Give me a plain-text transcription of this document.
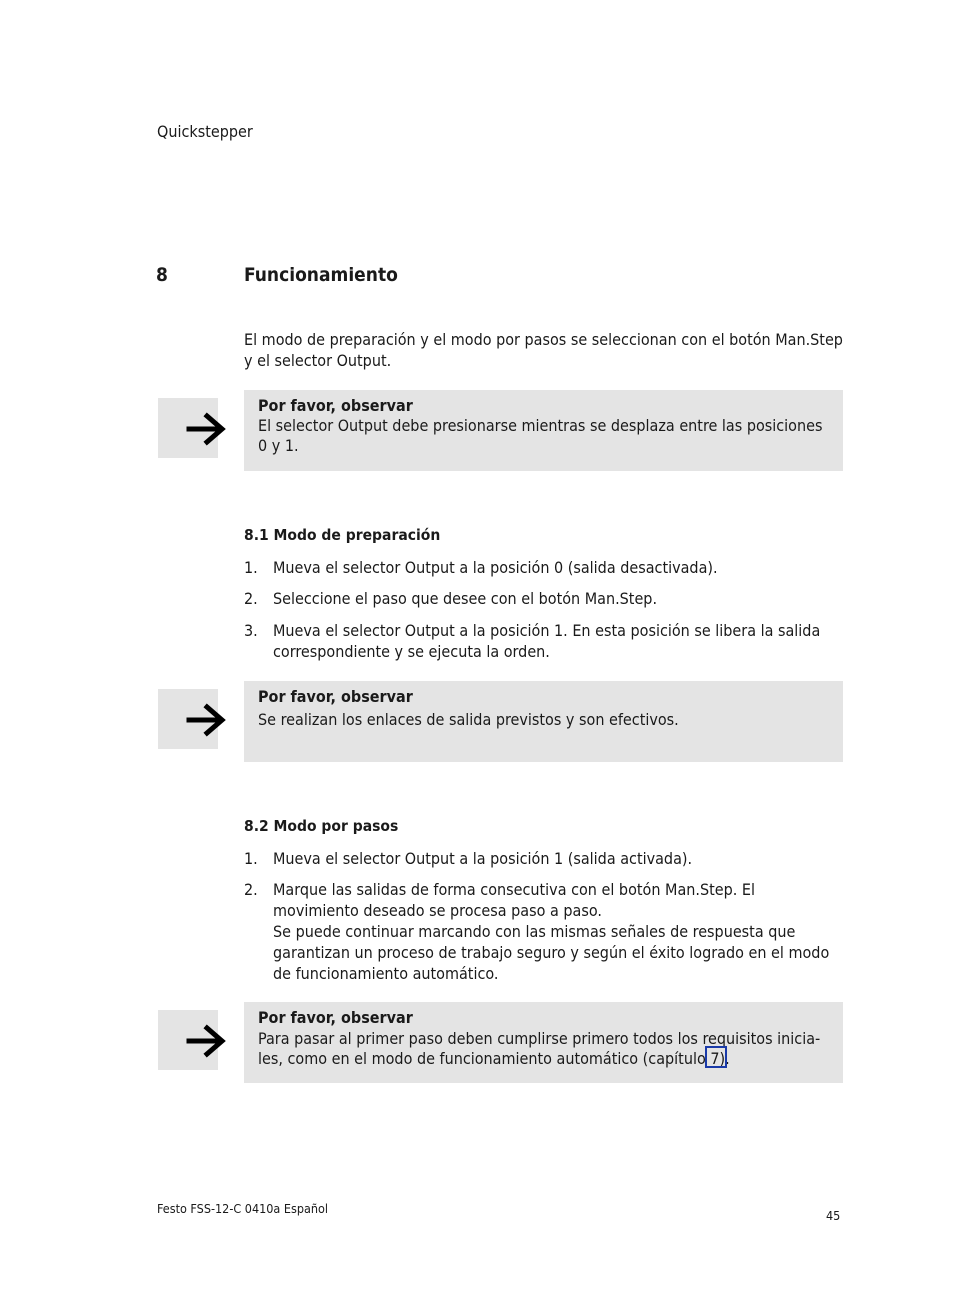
Quickstepper
8	Funcionamiento
El modo de preparación y el modo por pasos se seleccionan con el botón Man.Step y el selector Output.
Por favor, observar
El selector Output debe presionarse mientras se desplaza entre las posiciones 0 y 1.
8.1 Modo de preparación
1. Mueva el selector Output a la posición 0 (salida desactivada).
2. Seleccione el paso que desee con el botón Man.Step.
3. Mueva el selector Output a la posición 1. En esta posición se libera la salida correspondiente y se ejecuta la orden.
Por favor, observar
Se realizan los enlaces de salida previstos y son efectivos.
8.2 Modo por pasos
1. Mueva el selector Output a la posición 1 (salida activada).
2. Marque las salidas de forma consecutiva con el botón Man.Step. El movimiento deseado se procesa paso a paso.
Se puede continuar marcando con las mismas señales de respuesta que garantizan un proceso de trabajo seguro y según el éxito logrado en el modo de funcionamiento automático.
Por favor, observar
Para pasar al primer paso deben cumplirse primero todos los requisitos iniciales, como en el modo de funcionamiento automático (capítulo 7).
Festo FSS-12-C 0410a Español	45
